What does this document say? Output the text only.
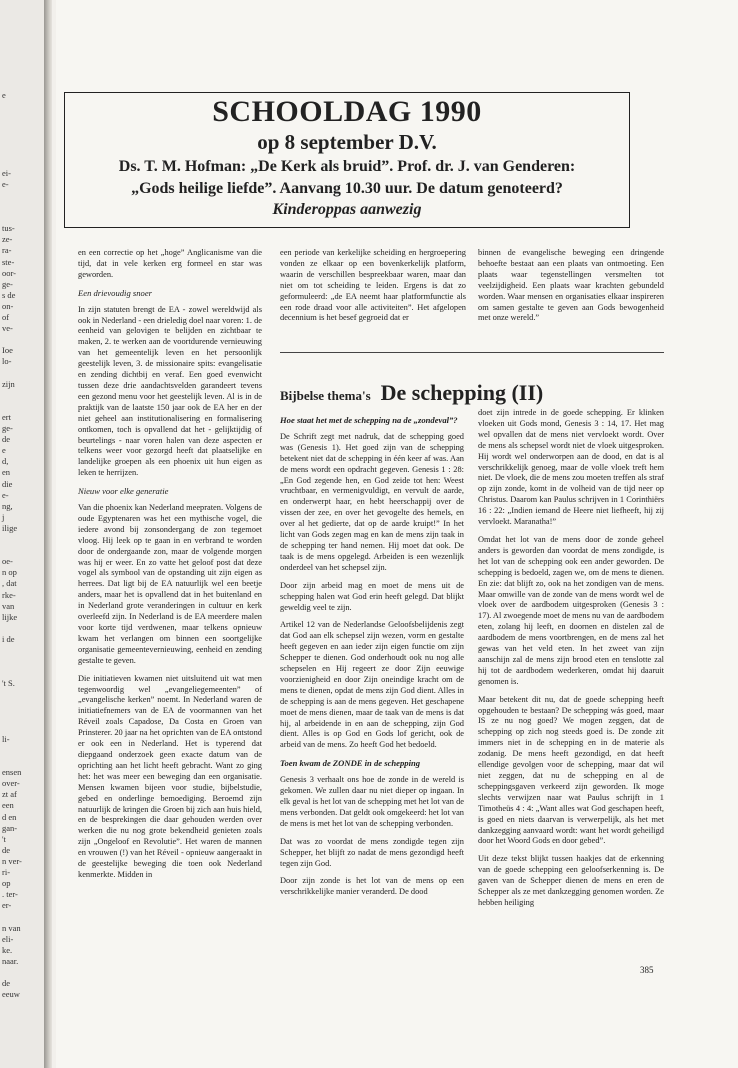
e
ei-
e-
tus-
ze-
ra-
ste-
oor-
ge-
s de
on-
of
ve-
Ioe
lo-
zijn
ert
ge-
de
e
d,
en
die
e-
ng,
j
ilige
oe-
n op
, dat
rke-
van
lijke
i de
't S.
li-
ensen
over-
zt af
een
d en
gan-
't
de
n ver-
ri-
op
. ter-
er-
n van
eli-
ke.
naar.
de
eeuw
SCHOOLDAG 1990
op 8 september D.V.
Ds. T. M. Hofman: „De Kerk als bruid”. Prof. dr. J. van Genderen:
„Gods heilige liefde”. Aanvang 10.30 uur. De datum genoteerd?
Kinderoppas aanwezig

en een correctie op het „hoge” Anglicanisme van die tijd, dat in vele kerken erg formeel en star was geworden.

Een drievoudig snoer

In zijn statuten brengt de EA - zowel wereldwijd als ook in Nederland - een drieledig doel naar voren: 1. de eenheid van gelovigen te belijden en zichtbaar te maken, 2. te werken aan de voortdurende vernieuwing van het gemeentelijk leven en het persoonlijk geestelijk leven, 3. de missionaire spits: evangelisatie en zending dichtbij en veraf. Een goed evenwicht tussen deze drie aandachtsvelden garandeert tevens een gezond menu voor het geestelijk leven. Al is in de praktijk van de laatste 150 jaar ook de EA her en der niet geheel aan institutionalisering en formalisering ontkomen, toch is opvallend dat het - gelijktijdig of beurtelings - naar voren halen van deze aspecten er telkens weer voor gezorgd heeft dat plaatselijke en landelijke groepen als een phoenix uit hun eigen as leken te herrijzen.

Nieuw voor elke generatie

Van die phoenix kan Nederland meepraten. Volgens de oude Egyptenaren was het een mythische vogel, die iedere avond bij zonsondergang de zon tegemoet vloog. Hij leek op te gaan in en verbrand te worden door de ondergaande zon, maar de volgende morgen was hij er weer. En zo vatte het geloof post dat deze vogel als symbool van de opstanding uit zijn eigen as herrees. Dat ligt bij de EA natuurlijk wel een beetje anders, maar het is opvallend dat in het buitenland en in Nederland grote veranderingen in cultuur en kerk overleefd zijn. In Nederland is de EA meerdere malen voor korte tijd verdwenen, maar telkens opnieuw kwam het verlangen om binnen een soortgelijke organisatie gemeentevernieuwing, eenheid en zending gestalte te geven.

Die initiatieven kwamen niet uitsluitend uit wat men tegenwoordig wel „evangeliegemeenten” of „evangelische kerken” noemt. In Nederland waren de initiatiefnemers van de EA de voormannen van het Réveil zoals Capadose, Da Costa en Groen van Prinsterer. 20 jaar na het oprichten van de EA ontstond er ook een in Nederland. Het is typerend dat diepgaand onderzoek geen exacte datum van de oprichting aan het licht heeft gebracht. Want zo ging het: het was meer een beweging dan een organisatie. Mensen kwamen bijeen voor studie, bijbelstudie, gebed en onderlinge bemoediging. Beroemd zijn natuurlijk de kringen die Groen bij zich aan huis hield, en de besprekingen die daar gehouden werden over werken die nu nog grote bekendheid genieten zoals zijn „Ongeloof en Revolutie”. Het waren de mannen en vrouwen (!) van het Réveil - opnieuw aangeraakt in de geestelijke beweging die toen ook Nederland kenmerkte. Midden in

een periode van kerkelijke scheiding en hergroepering vonden ze elkaar op een bovenkerkelijk platform, waarin de verschillen bespreekbaar waren, maar dan niet om tot scheiding te leiden. Ergens is dat zo geformuleerd: „de EA neemt haar platformfunctie als een rode draad voor alle activiteiten”. Het afgelopen decennium is het besef gegroeid dat er

binnen de evangelische beweging een dringende behoefte bestaat aan een plaats van ontmoeting. Een plaats waar tegenstellingen versmelten tot veelzijdigheid. Een plaats waar krachten gebundeld worden. Waar mensen en organisaties elkaar inspireren om samen gestalte te geven aan Gods bewogenheid met onze wereld.”

Bijbelse thema's De schepping (II)
Hoe staat het met de schepping na de „zondeval”?

De Schrift zegt met nadruk, dat de schepping goed was (Genesis 1). Het goed zijn van de schepping betekent niet dat de schepping in één keer af was. Aan de mens wordt een opdracht gegeven. Genesis 1 : 28: „En God zegende hen, en God zeide tot hen: Weest vruchtbaar, en vermenigvuldigt, en vervult de aarde, en onderwerpt haar, en hebt heerschappij over de vissen der zee, en over het gevogelte des hemels, en over al het gedierte, dat op de aarde kruipt!” In het licht van Gods zegen mag en kan de mens zijn taak in de schepping ter hand nemen. Hij moet dat ook. De taak is de mens opgelegd. Arbeiden is een wezenlijk onderdeel van het schepsel zijn.

Door zijn arbeid mag en moet de mens uit de schepping halen wat God erin heeft gelegd. Dat blijkt geweldig veel te zijn.

Artikel 12 van de Nederlandse Geloofsbelijdenis zegt dat God aan elk schepsel zijn wezen, vorm en gestalte heeft gegeven en aan ieder zijn eigen functie om zijn Schepper te dienen. God onderhoudt ook nu nog alle schepselen en Hij regeert ze door Zijn eeuwige voorzienigheid en door Zijn oneindige kracht om de mens te dienen, opdat de mens zijn God dient. Alles in de schepping is aan de mens gegeven. Het geschapene moet de mens dienen, maar de taak van de mens is dat hij, al arbeidende in en aan de schepping, zijn God dient. Alles is op God en Gods lof gericht, ook de arbeid van de mens. Zo heeft God het bedoeld.

Toen kwam de ZONDE in de schepping

Genesis 3 verhaalt ons hoe de zonde in de wereld is gekomen. We zullen daar nu niet dieper op ingaan. In elk geval is het lot van de schepping met het lot van de mens verbonden. Dat geldt ook omgekeerd: het lot van de mens is met het lot van de schepping verbonden.

Dat was zo voordat de mens zondigde tegen zijn Schepper, het blijft zo nadat de mens gezondigd heeft tegen zijn God.

Door zijn zonde is het lot van de mens op een verschrikkelijke manier veranderd. De dood

doet zijn intrede in de goede schepping. Er klinken vloeken uit Gods mond, Genesis 3 : 14, 17. Het mag wel opvallen dat de mens niet vervloekt wordt. Over de mens als schepsel wordt niet de vloek uitgesproken. Hij wordt wel onderworpen aan de dood, en dat is al verschrikkelijk genoeg, maar de volle vloek treft hem niet. De vloek, die de mens zou moeten treffen als straf op zijn zonde, komt in de volheid van de tijd neer op Christus. Daarom kan Paulus schrijven in 1 Corinthiërs 16 : 22: „Indien iemand de Heere niet liefheeft, hij zij vervloekt. Maranatha!”

Omdat het lot van de mens door de zonde geheel anders is geworden dan voordat de mens zondigde, is het lot van de schepping ook een ander geworden. De schepping is bedoeld, zagen we, om de mens te dienen. En zie: dat blijft zo, ook na het zondigen van de mens. Maar omwille van de zonde van de mens wordt wel de vloek over de aardbodem uitgesproken (Genesis 3 : 17). Al zwoegende moet de mens nu van de aardbodem eten, zolang hij leeft, en doornen en distelen zal de aardbodem de mens voortbrengen, en de mens zal het gewas van het veld eten. In het zweet van zijn aanschijn zal de mens zijn brood eten en tenslotte zal hij tot de aardbodem wederkeren, omdat hij daaruit genomen is.

Maar betekent dit nu, dat de goede schepping heeft opgehouden te bestaan? De schepping wás goed, maar IS ze nu nog goed? We mogen zeggen, dat de schepping op zich nog steeds goed is. De zonde zit immers niet in de schepping en in de materie als zodanig. De mens heeft gezondigd, en dat heeft ellendige gevolgen voor de schepping, maar dat wil niet zeggen, dat nu de schepping en al de scheppingsgaven verkeerd zijn geworden. Ik moge slechts verwijzen naar wat Paulus schrijft in 1 Timotheüs 4 : 4: „Want alles wat God geschapen heeft, is goed en niets daarvan is verwerpelijk, als het met dankzegging aanvaard wordt: want het wordt geheiligd door het Woord Gods en door gebed”.

Uit deze tekst blijkt tussen haakjes dat de erkenning van de goede schepping een geloofserkenning is. De gaven van de Schepper dienen de mens en eren de Schepper als ze met dankzegging genomen worden. Ze hebben heiliging

385
